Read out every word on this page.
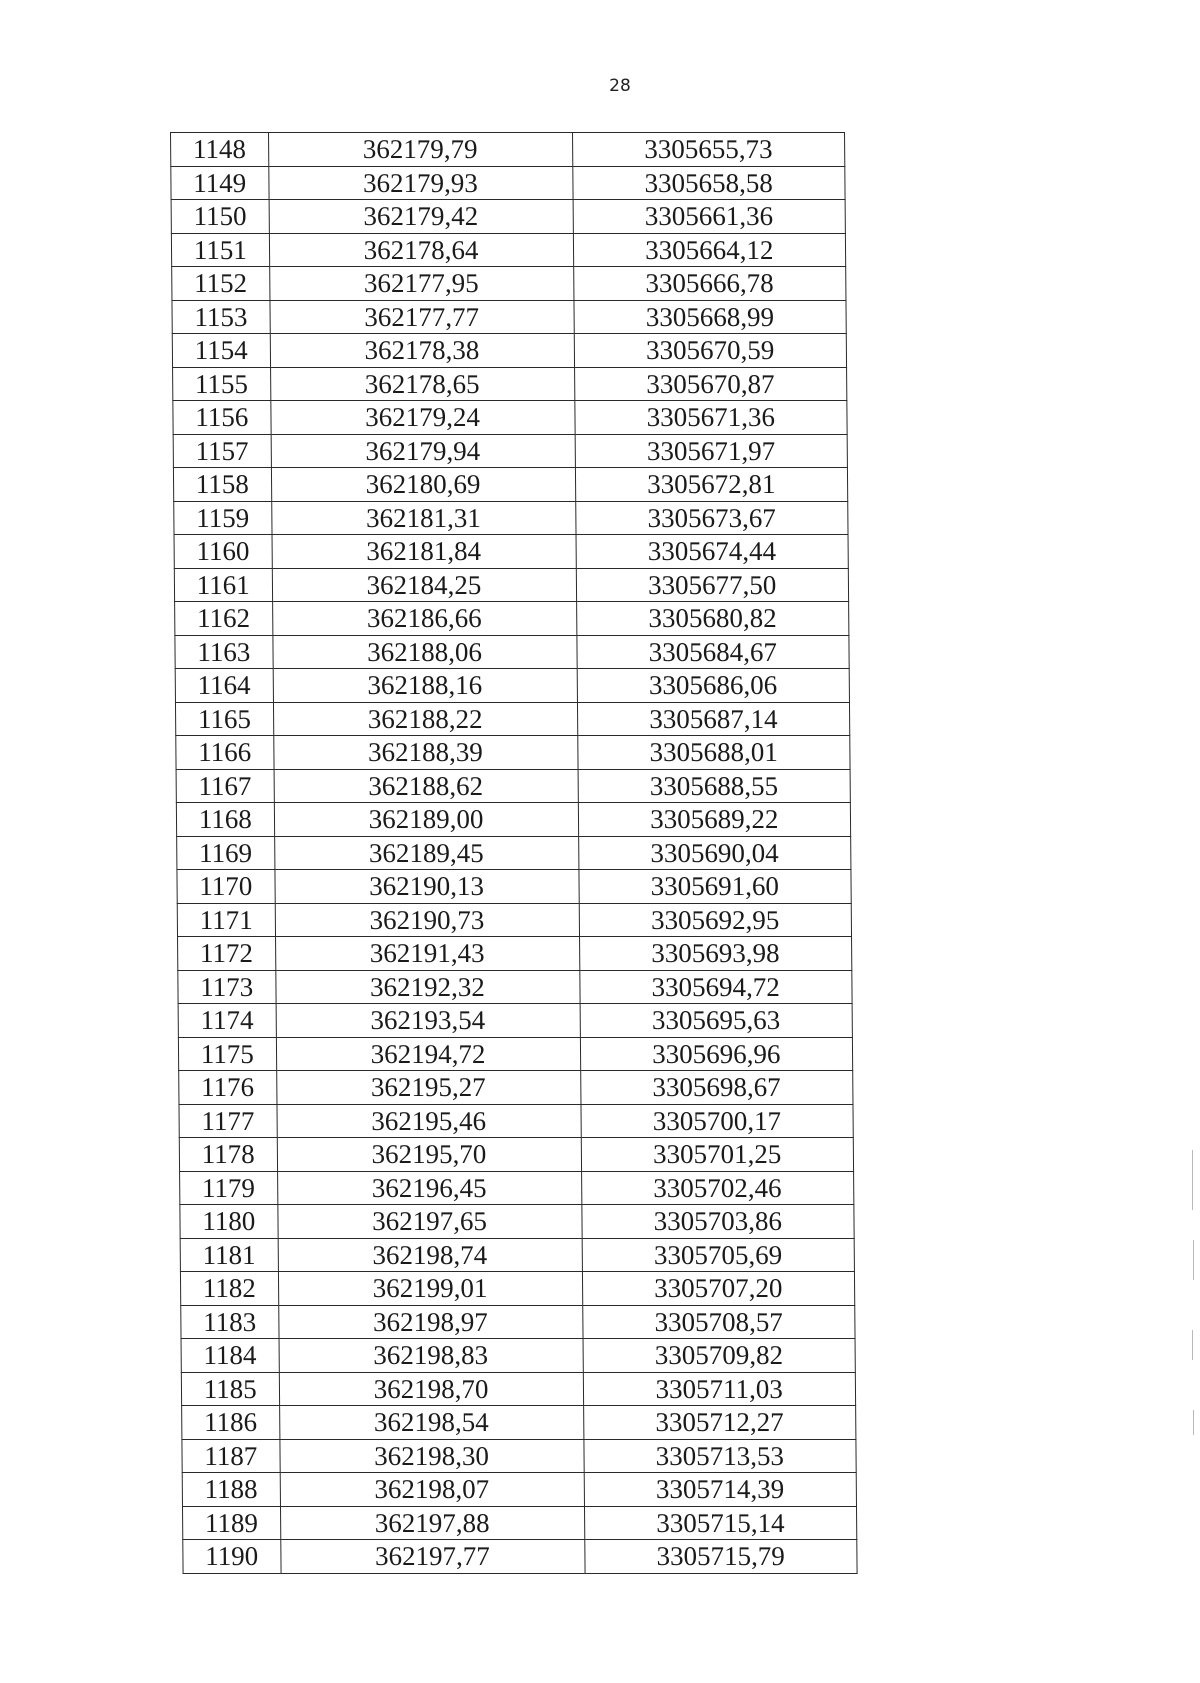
28
1148	362179,79	3305655,73
1149	362179,93	3305658,58
1150	362179,42	3305661,36
1151	362178,64	3305664,12
1152	362177,95	3305666,78
1153	362177,77	3305668,99
1154	362178,38	3305670,59
1155	362178,65	3305670,87
1156	362179,24	3305671,36
1157	362179,94	3305671,97
1158	362180,69	3305672,81
1159	362181,31	3305673,67
1160	362181,84	3305674,44
1161	362184,25	3305677,50
1162	362186,66	3305680,82
1163	362188,06	3305684,67
1164	362188,16	3305686,06
1165	362188,22	3305687,14
1166	362188,39	3305688,01
1167	362188,62	3305688,55
1168	362189,00	3305689,22
1169	362189,45	3305690,04
1170	362190,13	3305691,60
1171	362190,73	3305692,95
1172	362191,43	3305693,98
1173	362192,32	3305694,72
1174	362193,54	3305695,63
1175	362194,72	3305696,96
1176	362195,27	3305698,67
1177	362195,46	3305700,17
1178	362195,70	3305701,25
1179	362196,45	3305702,46
1180	362197,65	3305703,86
1181	362198,74	3305705,69
1182	362199,01	3305707,20
1183	362198,97	3305708,57
1184	362198,83	3305709,82
1185	362198,70	3305711,03
1186	362198,54	3305712,27
1187	362198,30	3305713,53
1188	362198,07	3305714,39
1189	362197,88	3305715,14
1190	362197,77	3305715,79
